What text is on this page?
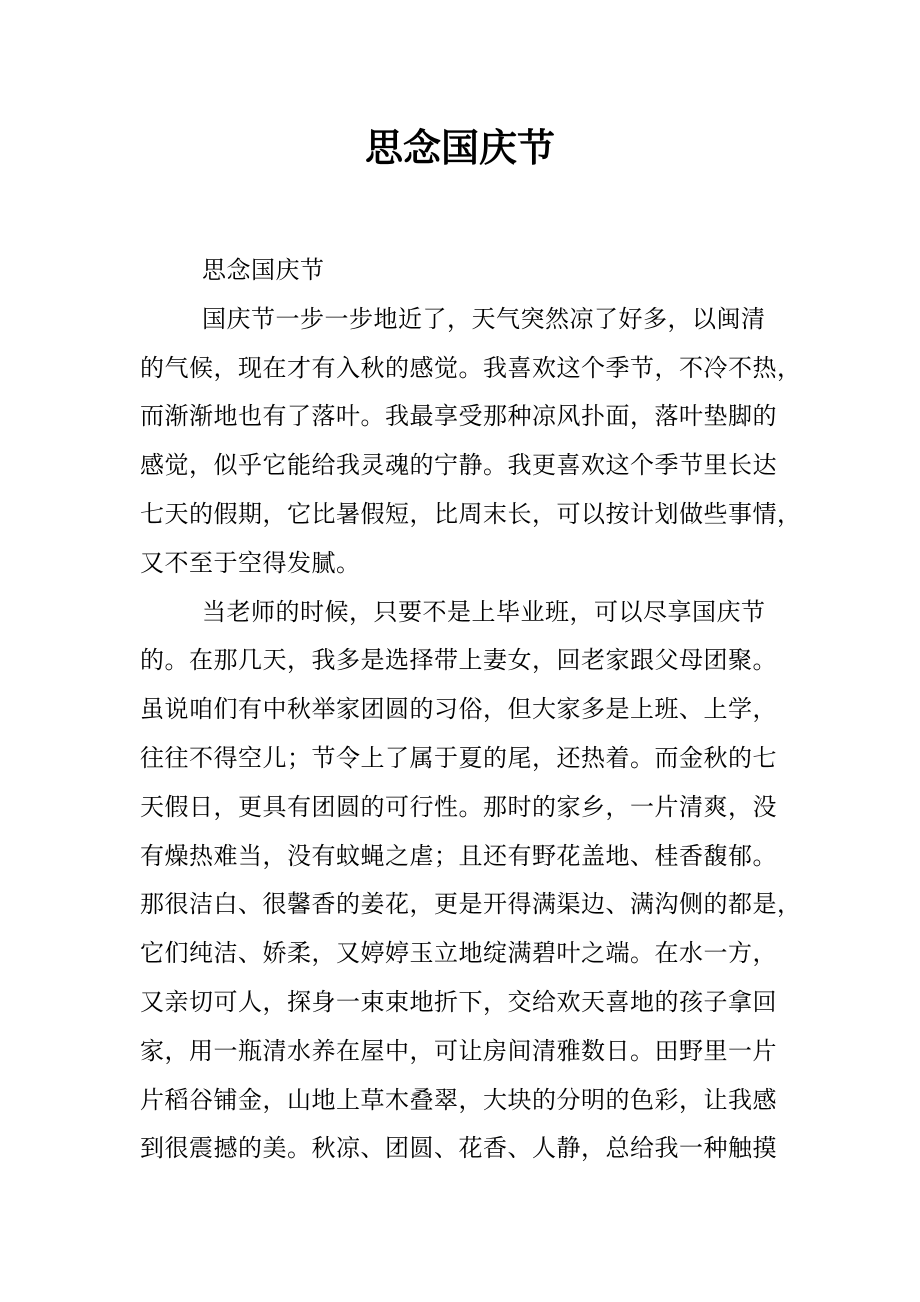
思念国庆节
思念国庆节
国庆节一步一步地近了，天气突然凉了好多，以闽清
的气候，现在才有入秋的感觉。我喜欢这个季节，不冷不热，
而渐渐地也有了落叶。我最享受那种凉风扑面，落叶垫脚的
感觉，似乎它能给我灵魂的宁静。我更喜欢这个季节里长达
七天的假期，它比暑假短，比周末长，可以按计划做些事情，
又不至于空得发腻。
当老师的时候，只要不是上毕业班，可以尽享国庆节
的。在那几天，我多是选择带上妻女，回老家跟父母团聚。
虽说咱们有中秋举家团圆的习俗，但大家多是上班、上学，
往往不得空儿；节令上了属于夏的尾，还热着。而金秋的七
天假日，更具有团圆的可行性。那时的家乡，一片清爽，没
有燥热难当，没有蚊蝇之虐；且还有野花盖地、桂香馥郁。
那很洁白、很馨香的姜花，更是开得满渠边、满沟侧的都是，
它们纯洁、娇柔，又婷婷玉立地绽满碧叶之端。在水一方，
又亲切可人，探身一束束地折下，交给欢天喜地的孩子拿回
家，用一瓶清水养在屋中，可让房间清雅数日。田野里一片
片稻谷铺金，山地上草木叠翠，大块的分明的色彩，让我感
到很震撼的美。秋凉、团圆、花香、人静，总给我一种触摸
